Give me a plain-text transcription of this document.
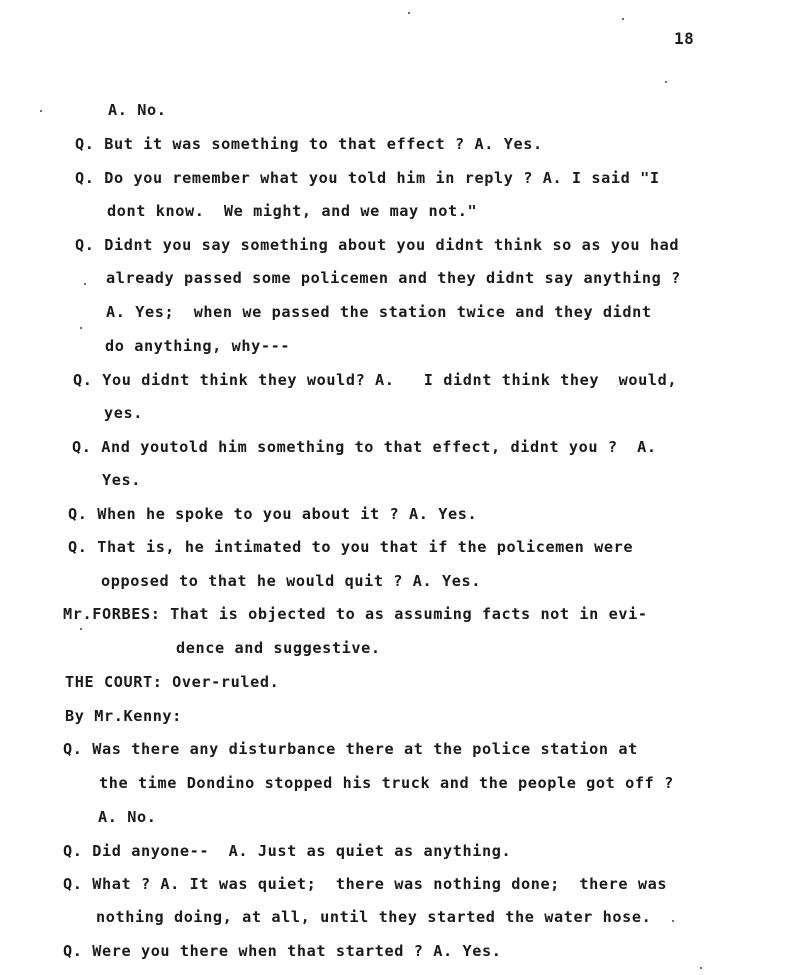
18
A. No.
Q. But it was something to that effect ? A. Yes.
Q. Do you remember what you told him in reply ? A. I said "I
dont know.  We might, and we may not."
Q. Didnt you say something about you didnt think so as you had
already passed some policemen and they didnt say anything ?
A. Yes;  when we passed the station twice and they didnt
do anything, why---
Q. You didnt think they would? A.   I didnt think they  would,
yes.
Q. And youtold him something to that effect, didnt you ?  A.
Yes.
Q. When he spoke to you about it ? A. Yes.
Q. That is, he intimated to you that if the policemen were
opposed to that he would quit ? A. Yes.
Mr.FORBES: That is objected to as assuming facts not in evi-
dence and suggestive.
THE COURT: Over-ruled.
By Mr.Kenny:
Q. Was there any disturbance there at the police station at
the time Dondino stopped his truck and the people got off ?
A. No.
Q. Did anyone--  A. Just as quiet as anything.
Q. What ? A. It was quiet;  there was nothing done;  there was
nothing doing, at all, until they started the water hose.
Q. Were you there when that started ? A. Yes.
